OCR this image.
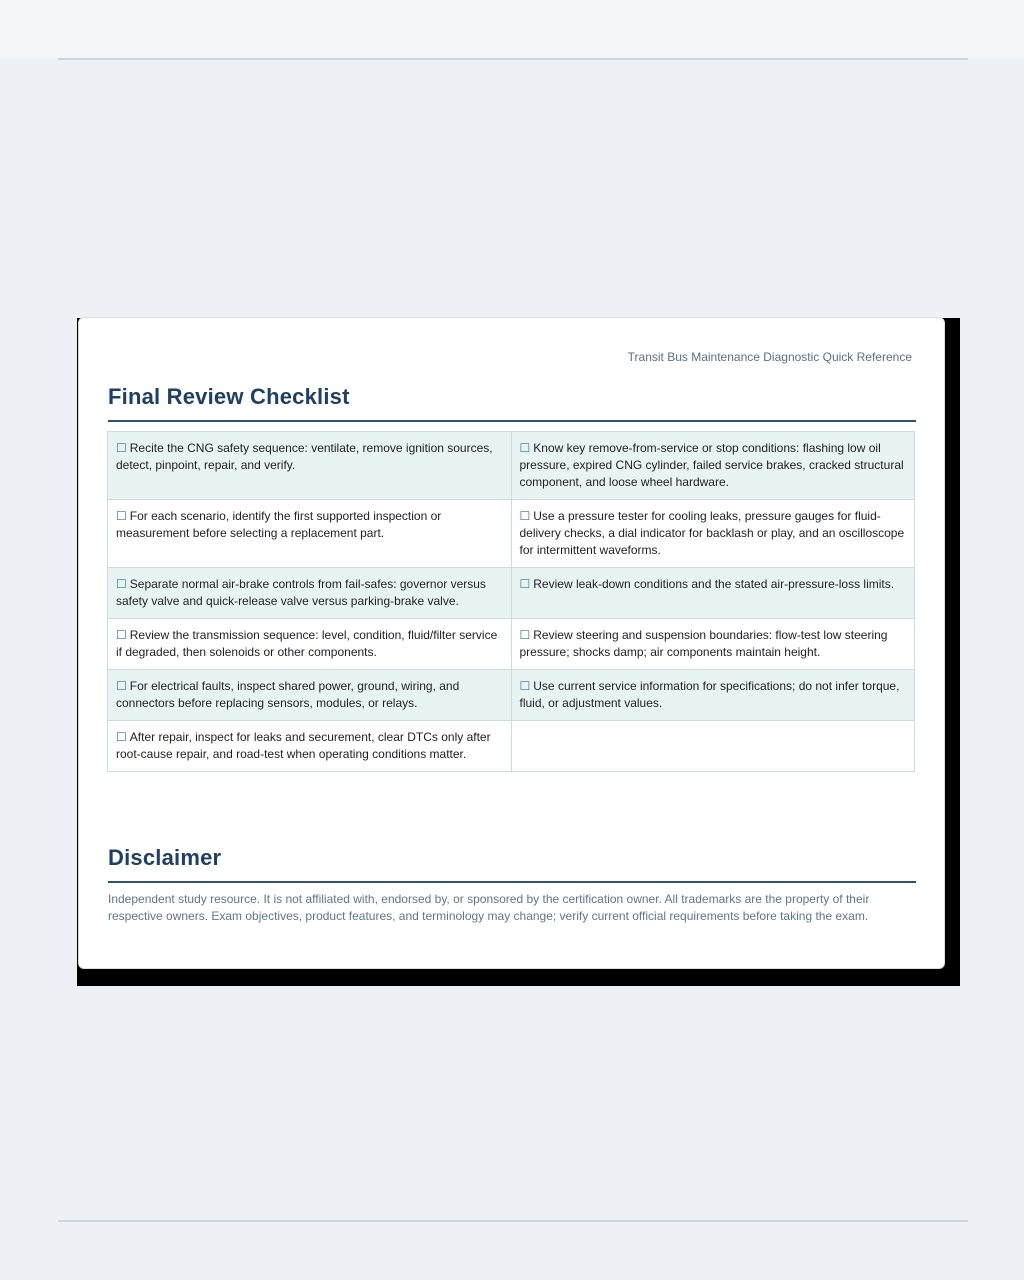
Transit Bus Maintenance Diagnostic Quick Reference
Final Review Checklist
☐ Recite the CNG safety sequence: ventilate, remove ignition sources, detect, pinpoint, repair, and verify.	☐ Know key remove-from-service or stop conditions: flashing low oil pressure, expired CNG cylinder, failed service brakes, cracked structural component, and loose wheel hardware.
☐ For each scenario, identify the first supported inspection or measurement before selecting a replacement part.	☐ Use a pressure tester for cooling leaks, pressure gauges for fluid-delivery checks, a dial indicator for backlash or play, and an oscilloscope for intermittent waveforms.
☐ Separate normal air-brake controls from fail-safes: governor versus safety valve and quick-release valve versus parking-brake valve.	☐ Review leak-down conditions and the stated air-pressure-loss limits.
☐ Review the transmission sequence: level, condition, fluid/filter service if degraded, then solenoids or other components.	☐ Review steering and suspension boundaries: flow-test low steering pressure; shocks damp; air components maintain height.
☐ For electrical faults, inspect shared power, ground, wiring, and connectors before replacing sensors, modules, or relays.	☐ Use current service information for specifications; do not infer torque, fluid, or adjustment values.
☐ After repair, inspect for leaks and securement, clear DTCs only after root-cause repair, and road-test when operating conditions matter.	
Disclaimer

Independent study resource. It is not affiliated with, endorsed by, or sponsored by the certification owner. All trademarks are the property of their respective owners. Exam objectives, product features, and terminology may change; verify current official requirements before taking the exam.
